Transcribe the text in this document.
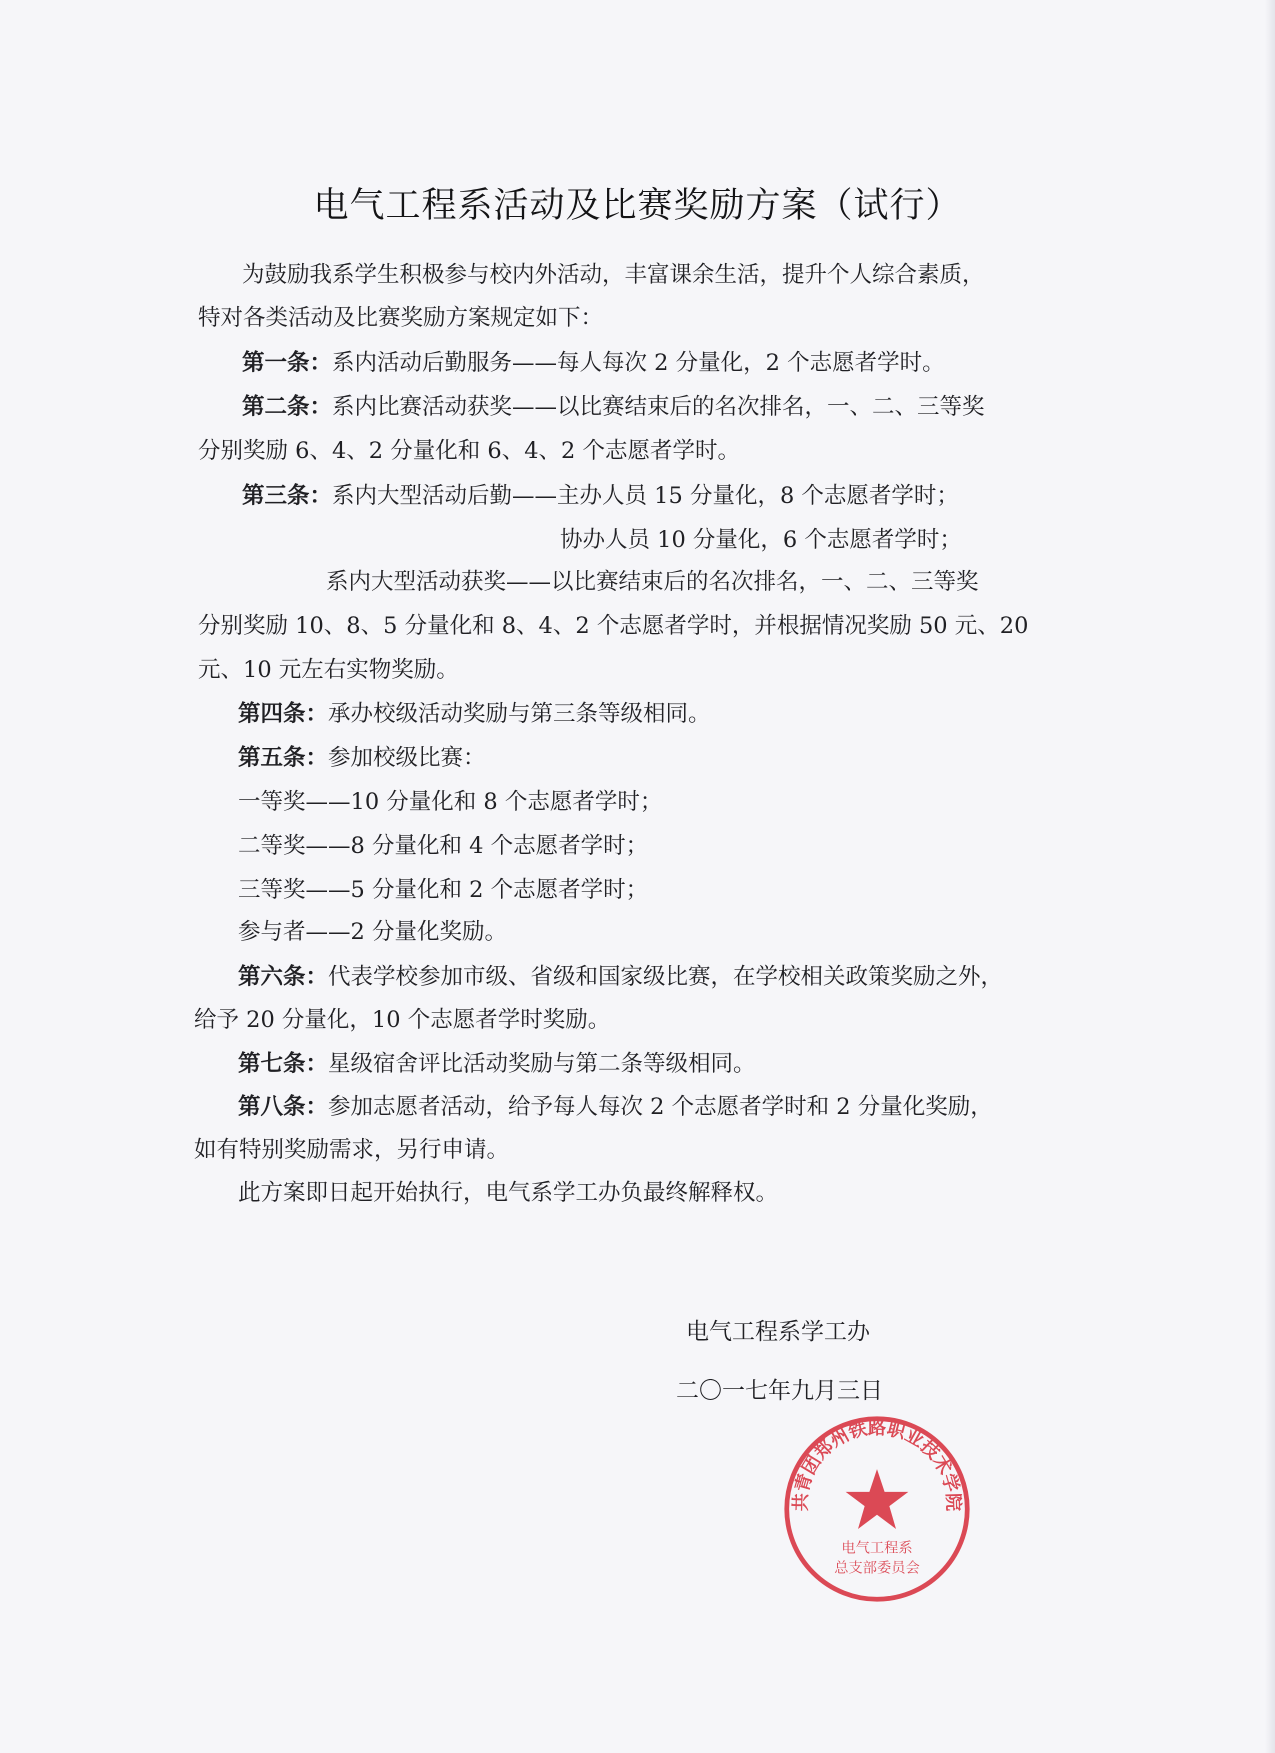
电气工程系活动及比赛奖励方案（试行）
为鼓励我系学生积极参与校内外活动，丰富课余生活，提升个人综合素质，
特对各类活动及比赛奖励方案规定如下：
第一条：系内活动后勤服务——每人每次 2 分量化，2 个志愿者学时。
第二条：系内比赛活动获奖——以比赛结束后的名次排名，一、二、三等奖
分别奖励 6、4、2 分量化和 6、4、2 个志愿者学时。
第三条：系内大型活动后勤——主办人员 15 分量化，8 个志愿者学时；
协办人员 10 分量化，6 个志愿者学时；
系内大型活动获奖——以比赛结束后的名次排名，一、二、三等奖
分别奖励 10、8、5 分量化和 8、4、2 个志愿者学时，并根据情况奖励 50 元、20
元、10 元左右实物奖励。
第四条：承办校级活动奖励与第三条等级相同。
第五条：参加校级比赛：
一等奖——10 分量化和 8 个志愿者学时；
二等奖——8 分量化和 4 个志愿者学时；
三等奖——5 分量化和 2 个志愿者学时；
参与者——2 分量化奖励。
第六条：代表学校参加市级、省级和国家级比赛，在学校相关政策奖励之外，
给予 20 分量化，10 个志愿者学时奖励。
第七条：星级宿舍评比活动奖励与第二条等级相同。
第八条：参加志愿者活动，给予每人每次 2 个志愿者学时和 2 分量化奖励，
如有特别奖励需求，另行申请。
此方案即日起开始执行，电气系学工办负最终解释权。
电气工程系学工办
二〇一七年九月三日
共青团郑州铁路职业技术学院
电气工程系
总支部委员会
